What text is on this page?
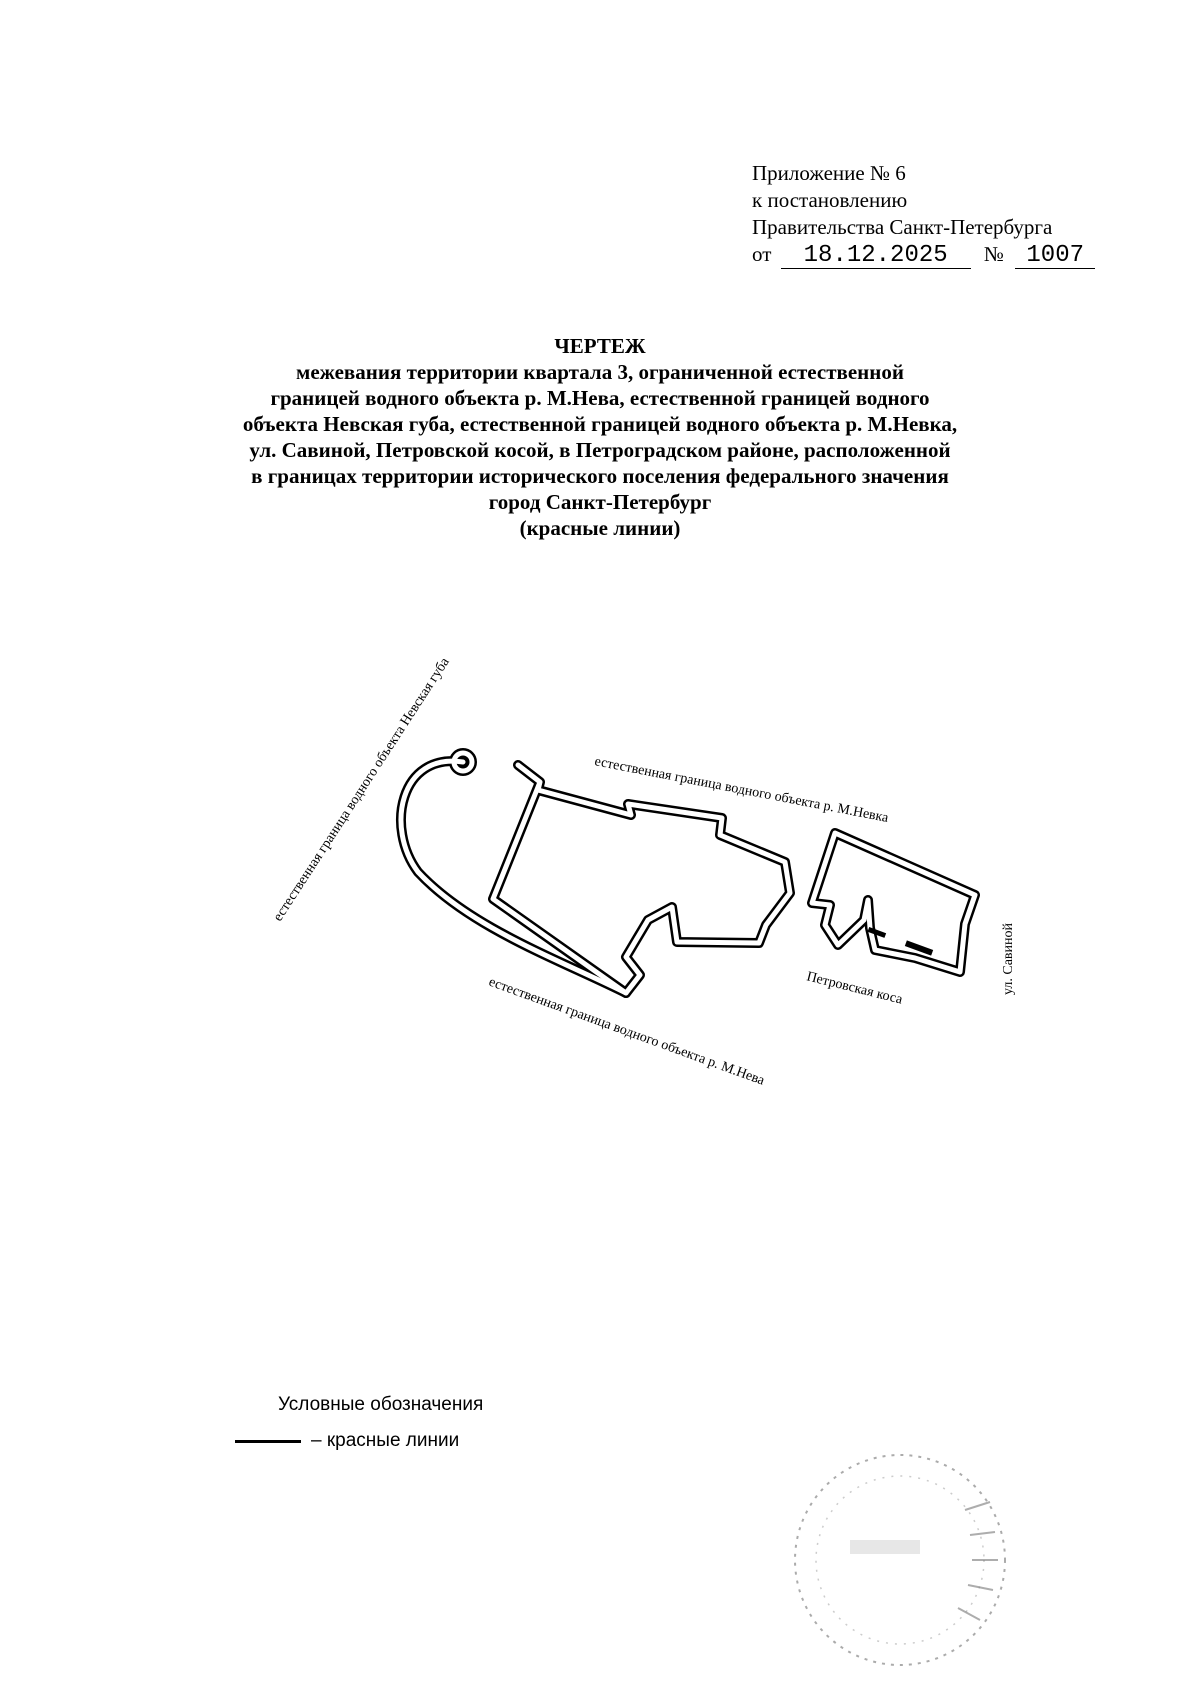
Приложение № 6
к постановлению
Правительства Санкт-Петербурга
от 18.12.2025 № 1007
ЧЕРТЕЖ
межевания территории квартала 3, ограниченной естественной
границей водного объекта р. М.Нева, естественной границей водного
объекта Невская губа, естественной границей водного объекта р. М.Невка,
ул. Савиной, Петровской косой, в Петроградском районе, расположенной
в границах территории исторического поселения федерального значения
город Санкт-Петербург
(красные линии)
естественная граница водного объекта Невская губа	естественная граница водного объекта р. М.Невка
естественная граница водного объекта р. М.Нева	Петровская коса	ул. Савиной
Условные обозначения
– красные линии
